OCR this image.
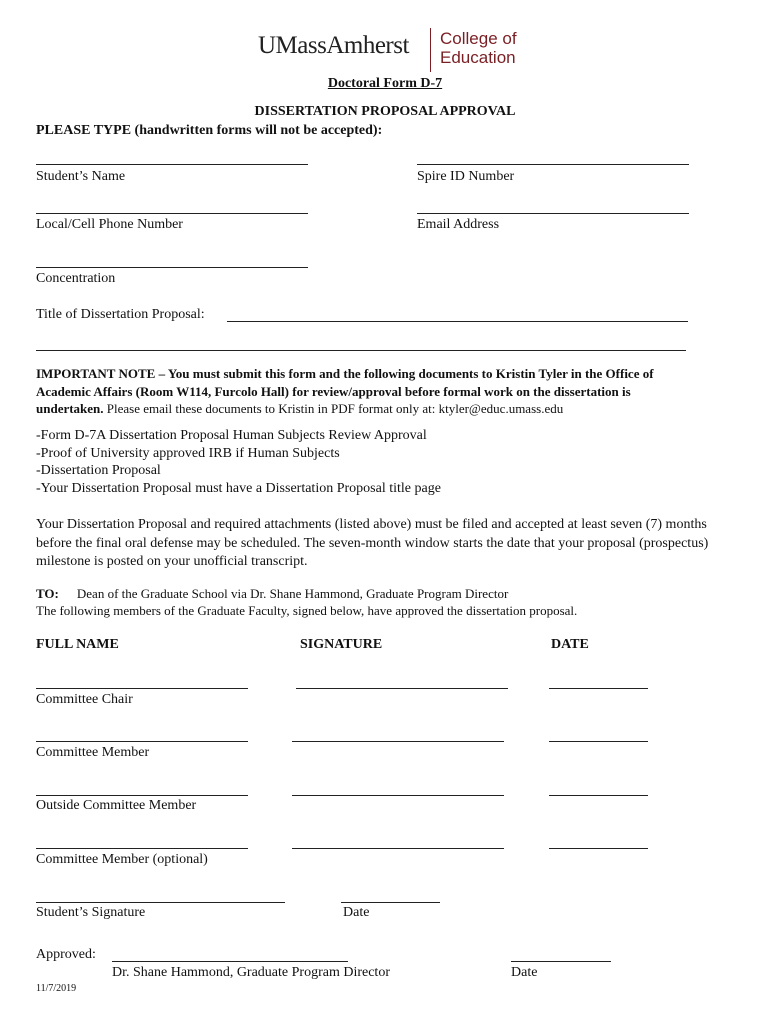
UMassAmherst College of
Education
Doctoral Form D-7
DISSERTATION PROPOSAL APPROVAL
PLEASE TYPE (handwritten forms will not be accepted):
Student’s Name	Spire ID Number
Local/Cell Phone Number	Email Address
Concentration
Title of Dissertation Proposal:
IMPORTANT NOTE – You must submit this form and the following documents to Kristin Tyler in the Office of Academic Affairs (Room W114, Furcolo Hall) for review/approval before formal work on the dissertation is undertaken. Please email these documents to Kristin in PDF format only at: ktyler@educ.umass.edu
-Form D-7A Dissertation Proposal Human Subjects Review Approval
-Proof of University approved IRB if Human Subjects
-Dissertation Proposal
-Your Dissertation Proposal must have a Dissertation Proposal title page
Your Dissertation Proposal and required attachments (listed above) must be filed and accepted at least seven (7) months before the final oral defense may be scheduled. The seven-month window starts the date that your proposal (prospectus) milestone is posted on your unofficial transcript.
TO: Dean of the Graduate School via Dr. Shane Hammond, Graduate Program Director
The following members of the Graduate Faculty, signed below, have approved the dissertation proposal.
FULL NAME	SIGNATURE	DATE
Committee Chair
Committee Member
Outside Committee Member
Committee Member (optional)
Student’s Signature	Date
Approved:
Dr. Shane Hammond, Graduate Program Director	Date
11/7/2019
